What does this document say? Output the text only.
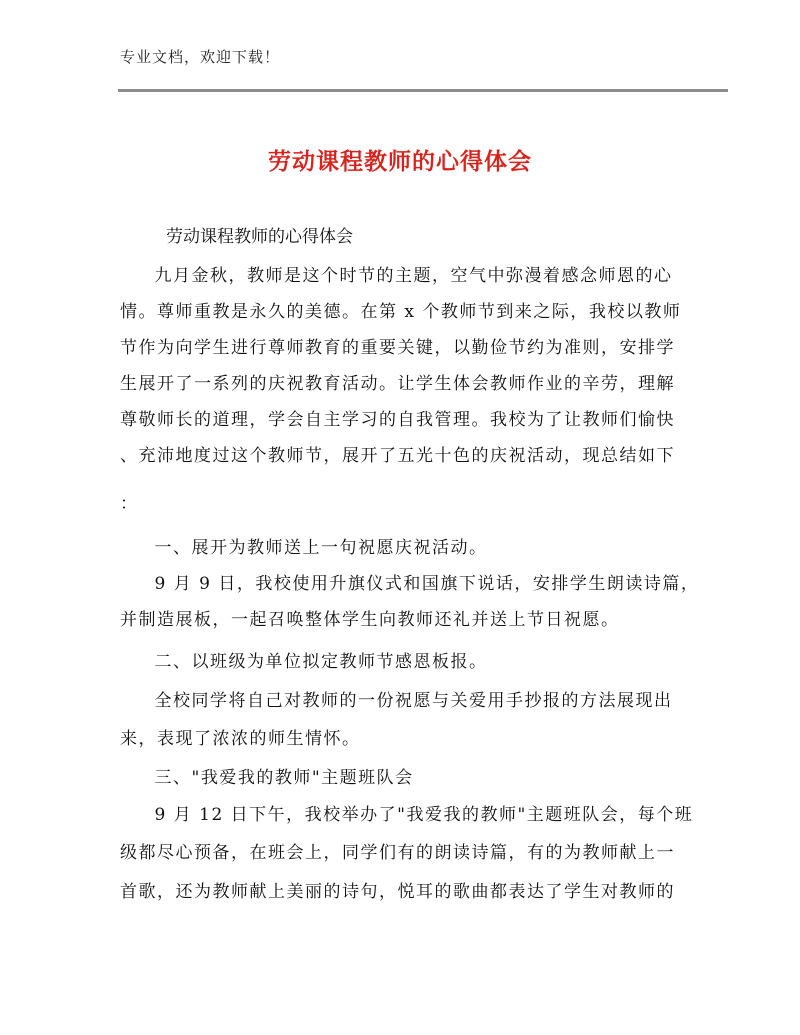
专业文档，欢迎下载！
劳动课程教师的心得体会
劳动课程教师的心得体会
　九月金秋，教师是这个时节的主题，空气中弥漫着感念师恩的心
情。尊师重教是永久的美德。在第 x 个教师节到来之际，我校以教师
节作为向学生进行尊师教育的重要关键，以勤俭节约为准则，安排学
生展开了一系列的庆祝教育活动。让学生体会教师作业的辛劳，理解
尊敬师长的道理，学会自主学习的自我管理。我校为了让教师们愉快
、充沛地度过这个教师节，展开了五光十色的庆祝活动，现总结如下
：
　一、展开为教师送上一句祝愿庆祝活动。
　9 月 9 日，我校使用升旗仪式和国旗下说话，安排学生朗读诗篇，
并制造展板，一起召唤整体学生向教师还礼并送上节日祝愿。
　二、以班级为单位拟定教师节感恩板报。
　全校同学将自己对教师的一份祝愿与关爱用手抄报的方法展现出
来，表现了浓浓的师生情怀。
　三、"我爱我的教师"主题班队会
　9 月 12 日下午，我校举办了"我爱我的教师"主题班队会，每个班
级都尽心预备，在班会上，同学们有的朗读诗篇，有的为教师献上一
首歌，还为教师献上美丽的诗句，悦耳的歌曲都表达了学生对教师的
